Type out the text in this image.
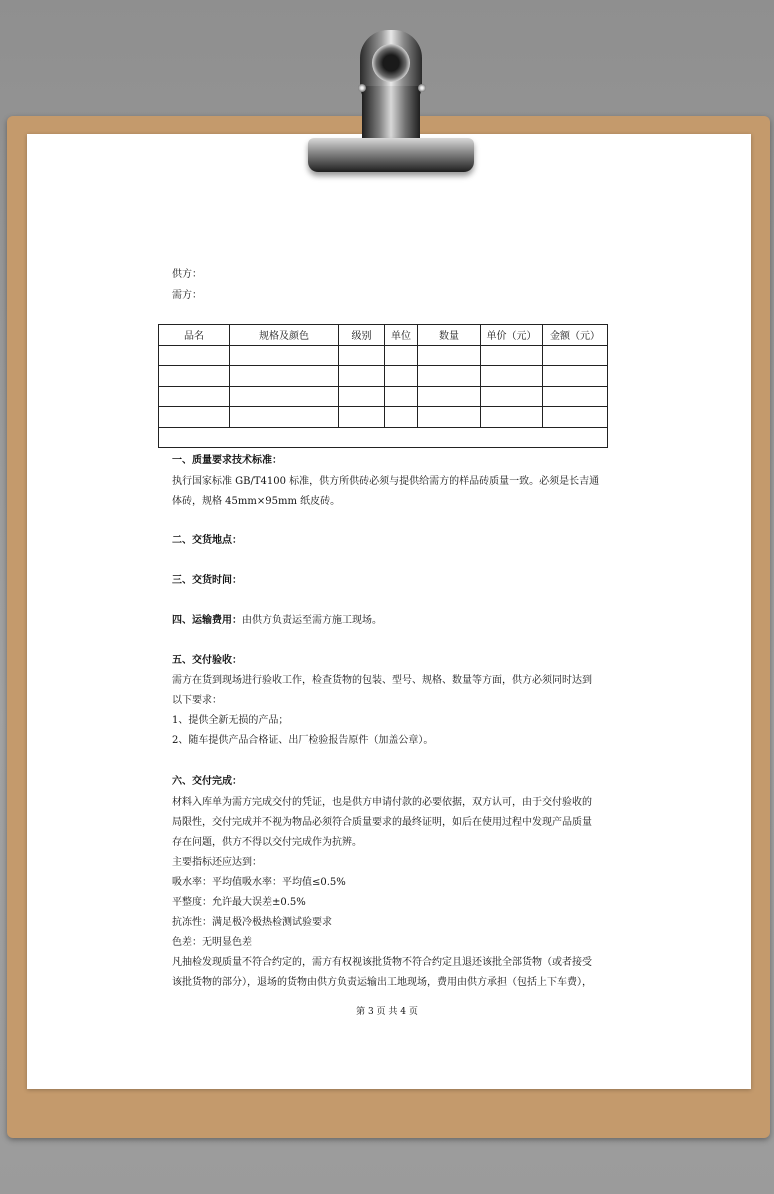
供方：
需方：
品名	规格及颜色	级别	单位	数量	单价（元）	金额（元）

一、质量要求技术标准：
执行国家标准 GB/T4100 标准，供方所供砖必须与提供给需方的样品砖质量一致。必须是长吉通
体砖，规格 45mm×95mm 纸皮砖。
二、交货地点：
三、交货时间：
四、运输费用：由供方负责运至需方施工现场。
五、交付验收：
需方在货到现场进行验收工作，检查货物的包装、型号、规格、数量等方面，供方必须同时达到
以下要求：
1、提供全新无损的产品；
2、随车提供产品合格证、出厂检验报告原件（加盖公章）。
六、交付完成：
材料入库单为需方完成交付的凭证，也是供方申请付款的必要依据，双方认可，由于交付验收的
局限性，交付完成并不视为物品必须符合质量要求的最终证明，如后在使用过程中发现产品质量
存在问题，供方不得以交付完成作为抗辨。
主要指标还应达到：
吸水率：平均值吸水率：平均值≤0.5%
平整度：允许最大误差±0.5%
抗冻性：满足极冷极热检测试验要求
色差：无明显色差
凡抽检发现质量不符合约定的，需方有权视该批货物不符合约定且退还该批全部货物（或者接受
该批货物的部分），退场的货物由供方负责运输出工地现场，费用由供方承担（包括上下车费），
第 3 页 共 4 页
